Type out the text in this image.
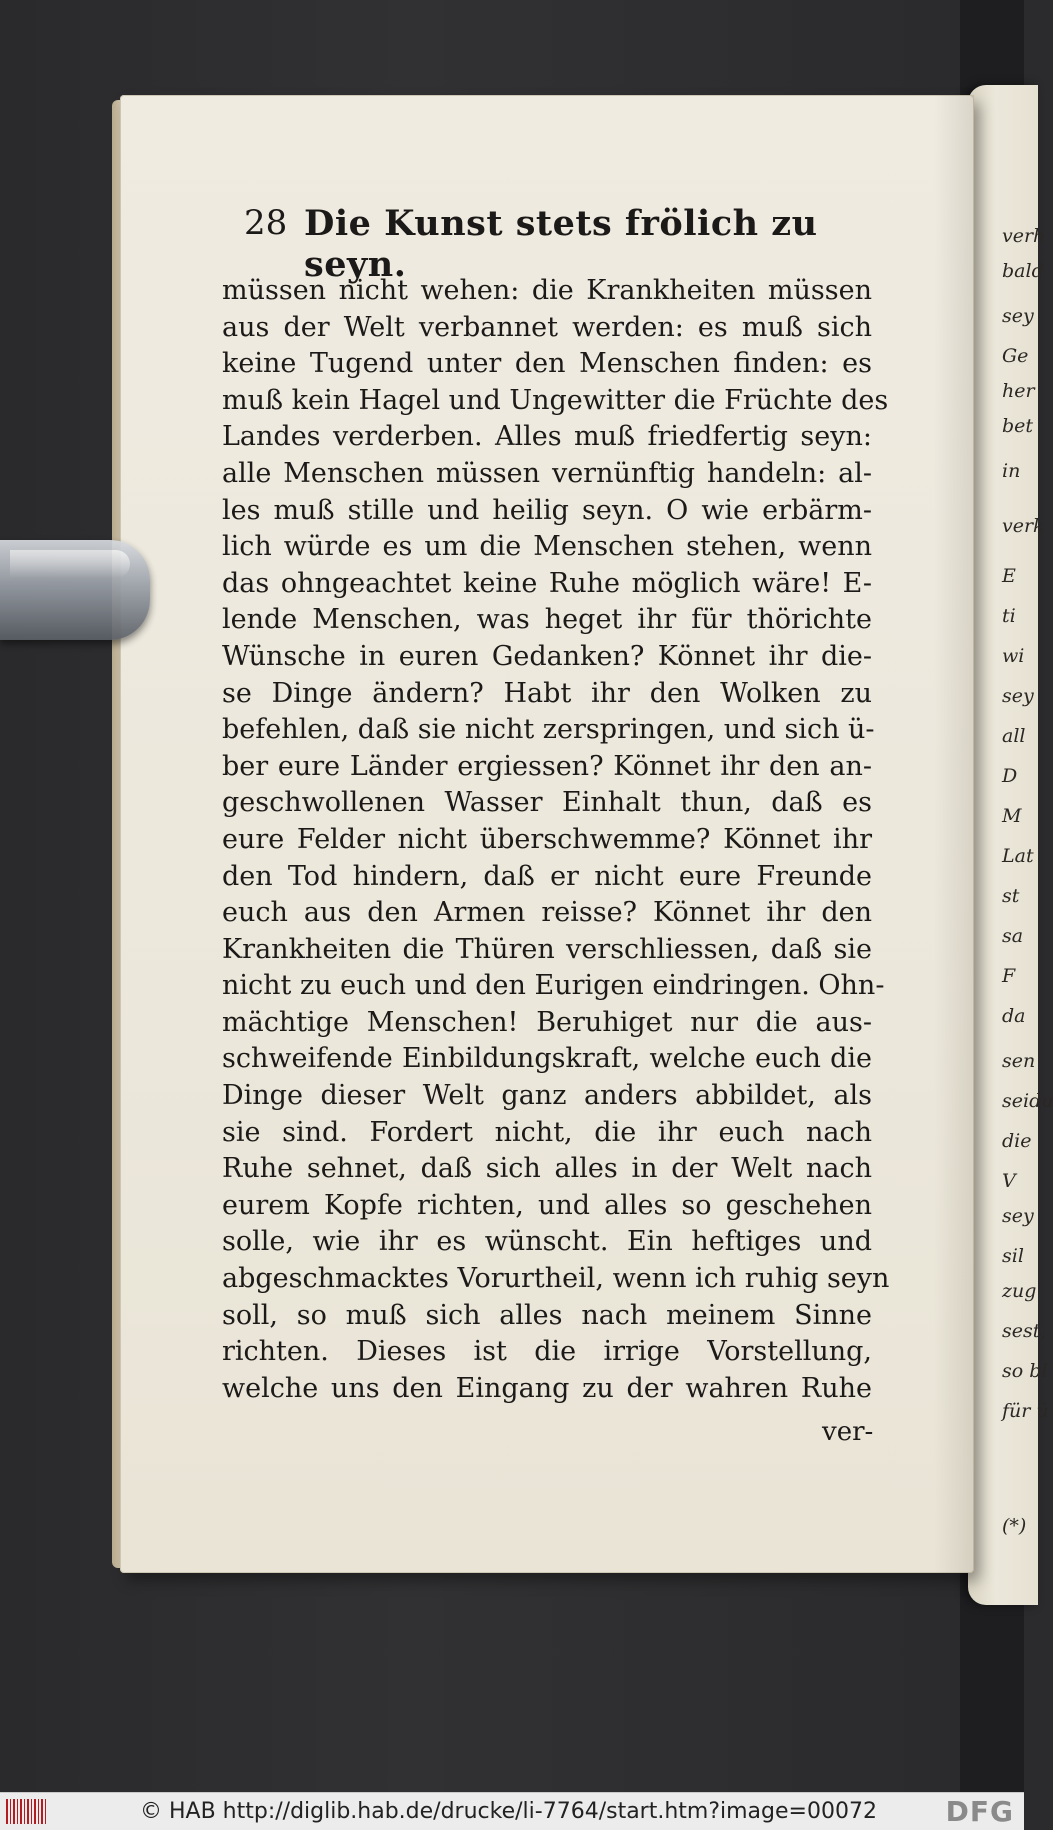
verh
bald
sey
Ge
her
bet
in
verk
E
ti
wi
sey
all
D
M
Lat
st
sa
F
da
sen
seidu
die
V
sey
sil
zug
sest,
so bl
für ü
(*)
28 Die Kunst stets frölich zu seyn.
müssen nicht wehen: die Krankheiten müssen
aus der Welt verbannet werden: es muß sich
keine Tugend unter den Menschen finden: es
muß kein Hagel und Ungewitter die Früchte des
Landes verderben. Alles muß friedfertig seyn:
alle Menschen müssen vernünftig handeln: al-
les muß stille und heilig seyn. O wie erbärm-
lich würde es um die Menschen stehen, wenn
das ohngeachtet keine Ruhe möglich wäre! E-
lende Menschen, was heget ihr für thörichte
Wünsche in euren Gedanken? Könnet ihr die-
se Dinge ändern? Habt ihr den Wolken zu
befehlen, daß sie nicht zerspringen, und sich ü-
ber eure Länder ergiessen? Könnet ihr den an-
geschwollenen Wasser Einhalt thun, daß es
eure Felder nicht überschwemme? Könnet ihr
den Tod hindern, daß er nicht eure Freunde
euch aus den Armen reisse? Könnet ihr den
Krankheiten die Thüren verschliessen, daß sie
nicht zu euch und den Eurigen eindringen. Ohn-
mächtige Menschen! Beruhiget nur die aus-
schweifende Einbildungskraft, welche euch die
Dinge dieser Welt ganz anders abbildet, als
sie sind. Fordert nicht, die ihr euch nach
Ruhe sehnet, daß sich alles in der Welt nach
eurem Kopfe richten, und alles so geschehen
solle, wie ihr es wünscht. Ein heftiges und
abgeschmacktes Vorurtheil, wenn ich ruhig seyn
soll, so muß sich alles nach meinem Sinne
richten. Dieses ist die irrige Vorstellung,
welche uns den Eingang zu der wahren Ruhe
ver-
© HAB http://diglib.hab.de/drucke/li-7764/start.htm?image=00072 DFG
